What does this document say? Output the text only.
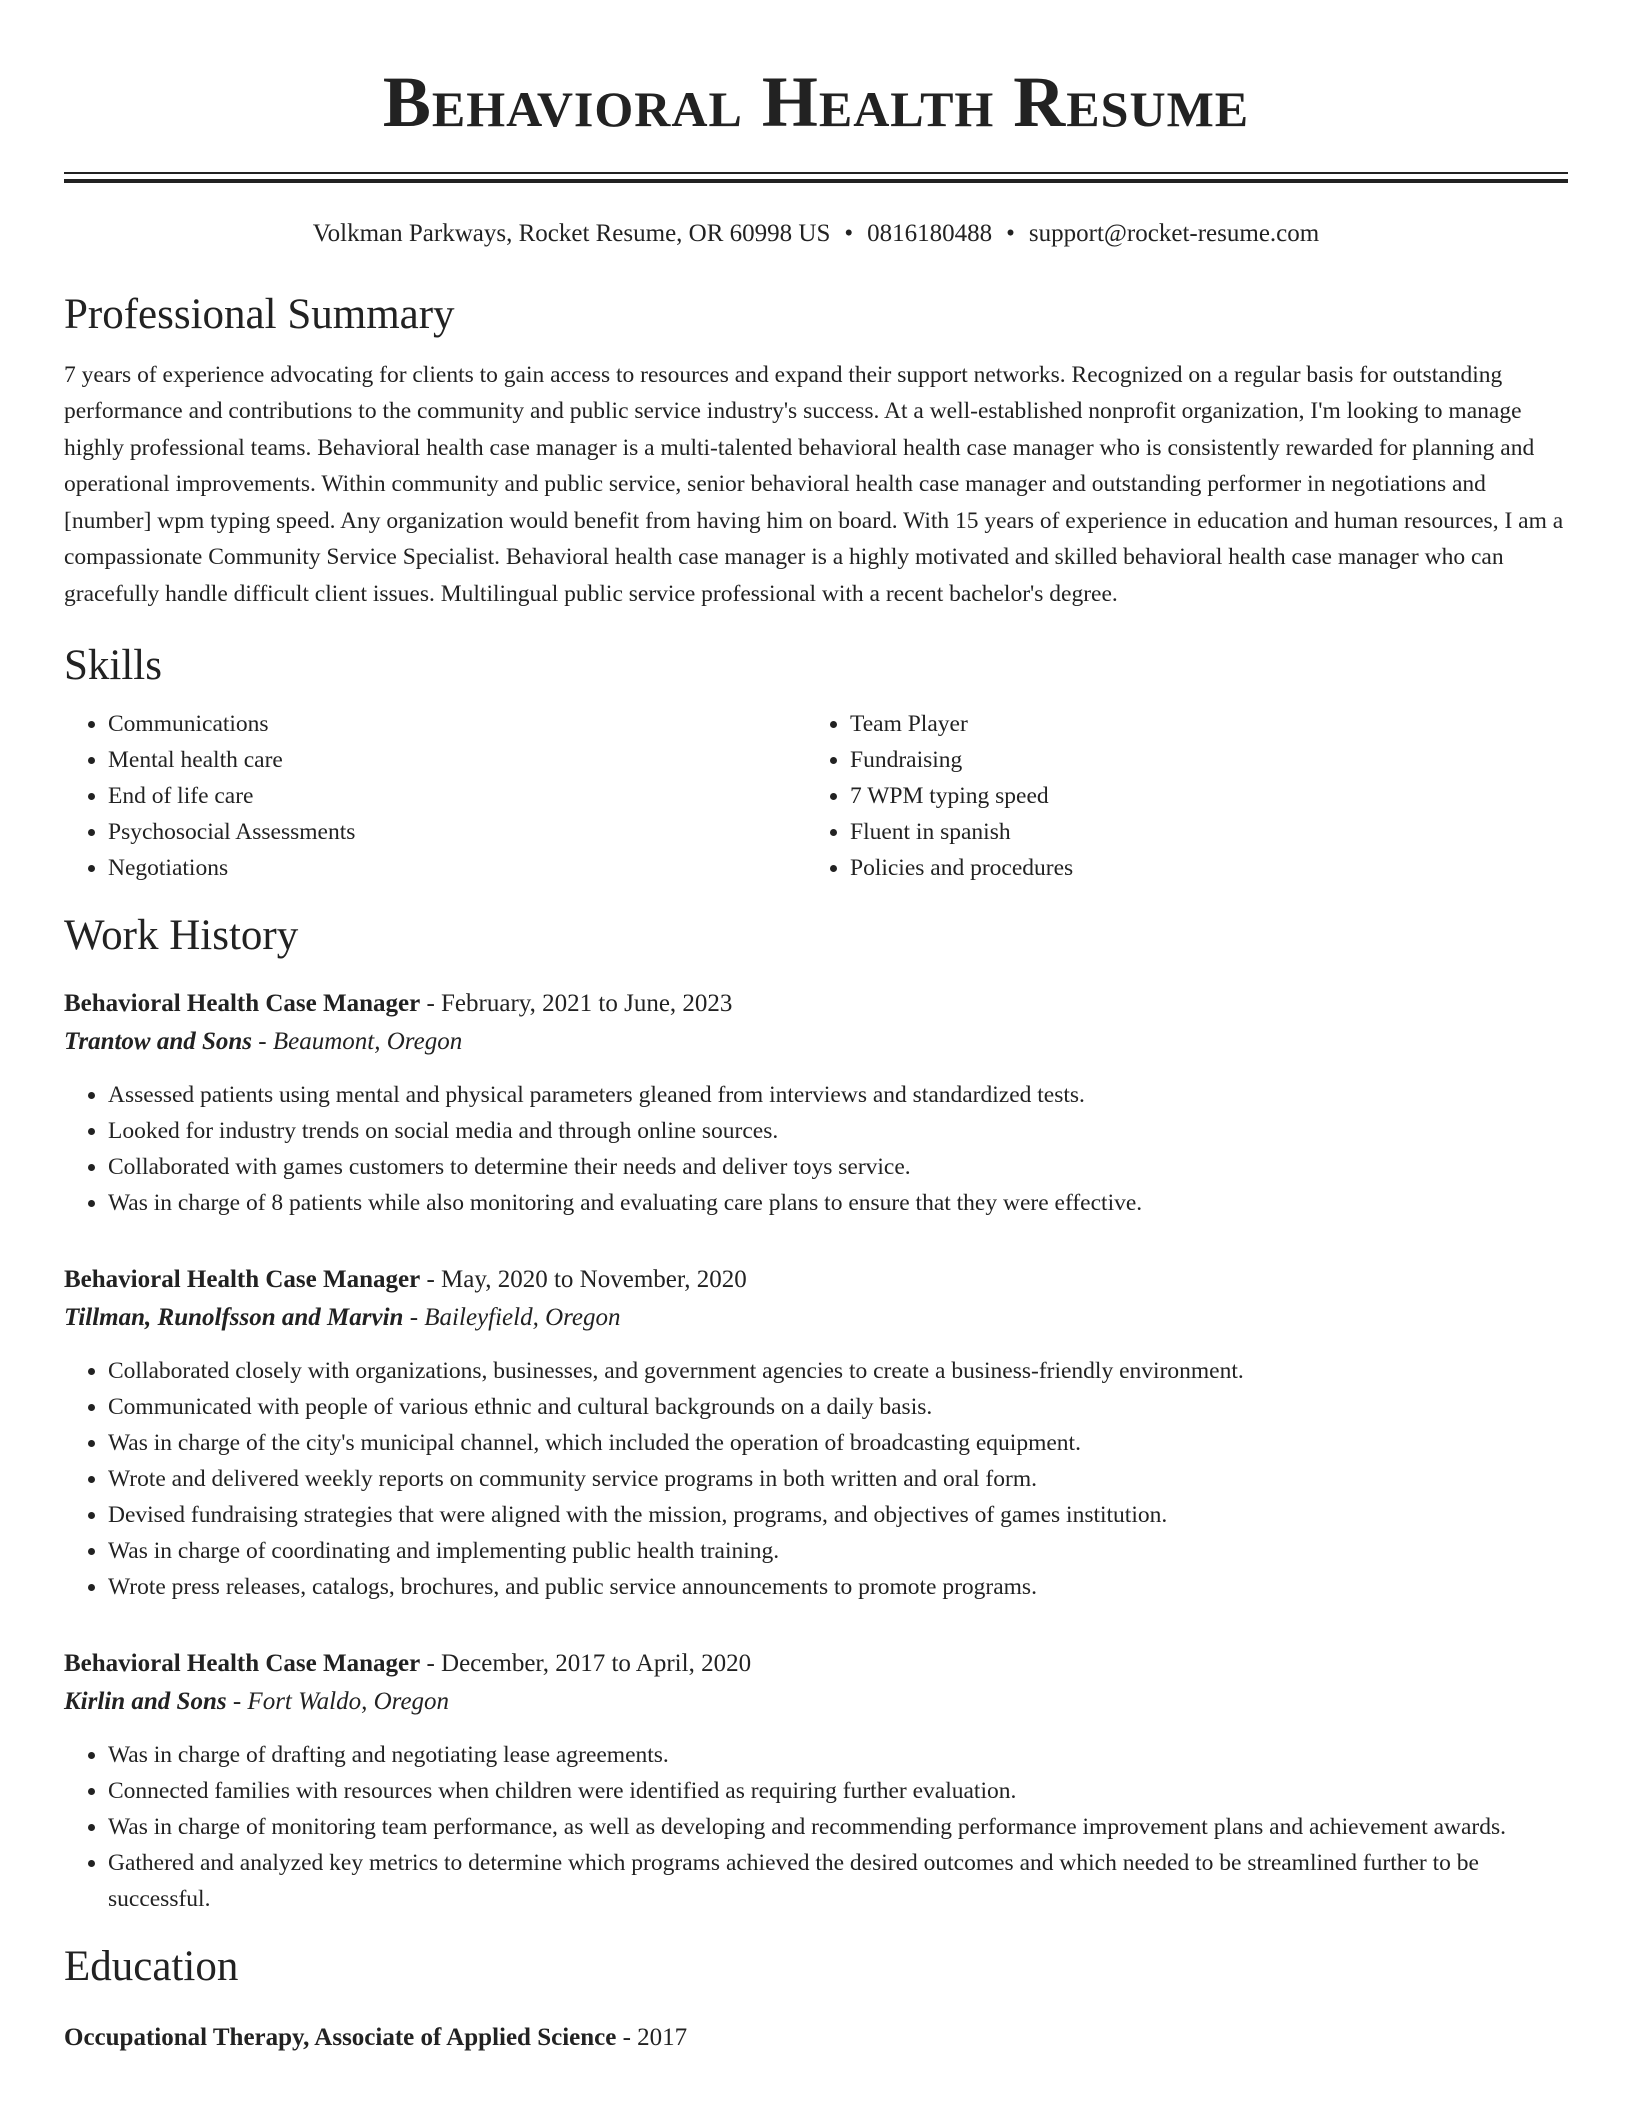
Behavioral Health Resume
Volkman Parkways, Rocket Resume, OR 60998 US • 0816180488 • support@rocket-resume.com
Professional Summary

7 years of experience advocating for clients to gain access to resources and expand their support networks. Recognized on a regular basis for outstanding performance and contributions to the community and public service industry's success. At a well-established nonprofit organization, I'm looking to manage highly professional teams. Behavioral health case manager is a multi-talented behavioral health case manager who is consistently rewarded for planning and operational improvements. Within community and public service, senior behavioral health case manager and outstanding performer in negotiations and [number] wpm typing speed. Any organization would benefit from having him on board. With 15 years of experience in education and human resources, I am a compassionate Community Service Specialist. Behavioral health case manager is a highly motivated and skilled behavioral health case manager who can gracefully handle difficult client issues. Multilingual public service professional with a recent bachelor's degree.

Skills
• Communications
• Mental health care
• End of life care
• Psychosocial Assessments
• Negotiations
• Team Player
• Fundraising
• 7 WPM typing speed
• Fluent in spanish
• Policies and procedures
Work History
Behavioral Health Case Manager - February, 2021 to June, 2023
Trantow and Sons - Beaumont, Oregon
• Assessed patients using mental and physical parameters gleaned from interviews and standardized tests.
• Looked for industry trends on social media and through online sources.
• Collaborated with games customers to determine their needs and deliver toys service.
• Was in charge of 8 patients while also monitoring and evaluating care plans to ensure that they were effective.
Behavioral Health Case Manager - May, 2020 to November, 2020
Tillman, Runolfsson and Marvin - Baileyfield, Oregon
• Collaborated closely with organizations, businesses, and government agencies to create a business-friendly environment.
• Communicated with people of various ethnic and cultural backgrounds on a daily basis.
• Was in charge of the city's municipal channel, which included the operation of broadcasting equipment.
• Wrote and delivered weekly reports on community service programs in both written and oral form.
• Devised fundraising strategies that were aligned with the mission, programs, and objectives of games institution.
• Was in charge of coordinating and implementing public health training.
• Wrote press releases, catalogs, brochures, and public service announcements to promote programs.
Behavioral Health Case Manager - December, 2017 to April, 2020
Kirlin and Sons - Fort Waldo, Oregon
• Was in charge of drafting and negotiating lease agreements.
• Connected families with resources when children were identified as requiring further evaluation.
• Was in charge of monitoring team performance, as well as developing and recommending performance improvement plans and achievement awards.
• Gathered and analyzed key metrics to determine which programs achieved the desired outcomes and which needed to be streamlined further to be successful.
Education
Occupational Therapy, Associate of Applied Science - 2017
